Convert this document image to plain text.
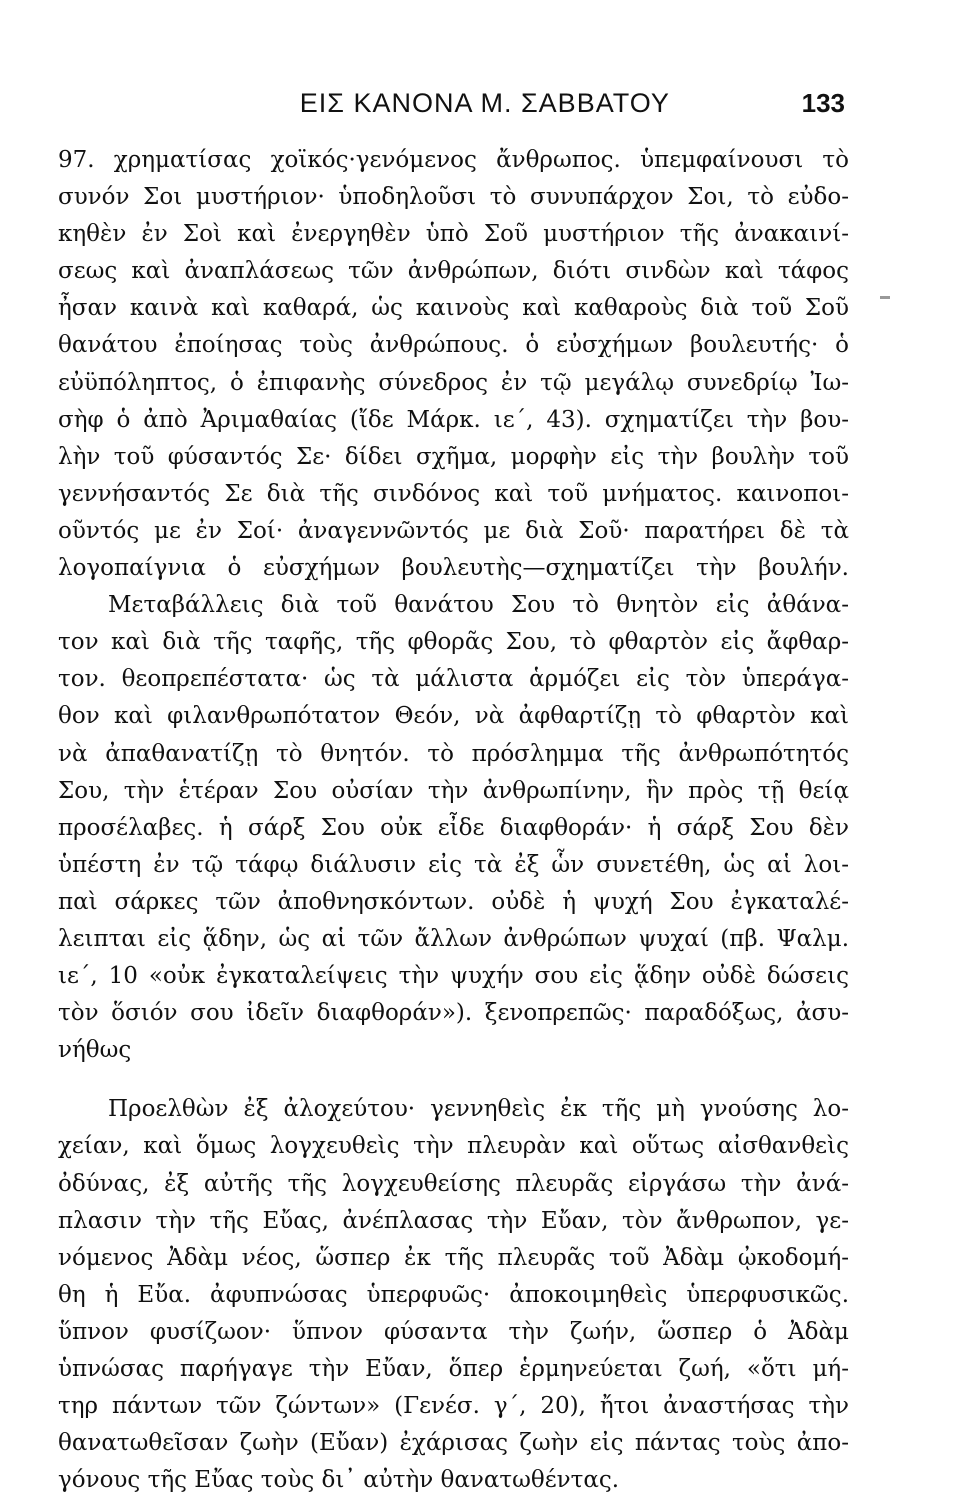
ΕΙΣ ΚΑΝΟΝΑ Μ. ΣΑΒΒΑΤΟΥ	133
97. χρηματίσας χοϊκός·γενόμενος ἄνθρωπος. ὑπεμφαίνουσι τὸ
συνόν Σοι μυστήριον· ὑποδηλοῦσι τὸ συνυπάρχον Σοι, τὸ εὐδο-
κηθὲν ἐν Σοὶ καὶ ἐνεργηθὲν ὑπὸ Σοῦ μυστήριον τῆς ἀνακαινί-
σεως καὶ ἀναπλάσεως τῶν ἀνθρώπων, διότι σινδὼν καὶ τάφος
ἦσαν καινὰ καὶ καθαρά, ὡς καινοὺς καὶ καθαροὺς διὰ τοῦ Σοῦ
θανάτου ἐποίησας τοὺς ἀνθρώπους. ὁ εὐσχήμων βουλευτής· ὁ
εὐϋπόληπτος, ὁ ἐπιφανὴς σύνεδρος ἐν τῷ μεγάλῳ συνεδρίῳ Ἰω-
σὴφ ὁ ἀπὸ Ἀριμαθαίας (ἴδε Μάρκ. ιε΄, 43). σχηματίζει τὴν βου-
λὴν τοῦ φύσαντός Σε· δίδει σχῆμα, μορφὴν εἰς τὴν βουλὴν τοῦ
γεννήσαντός Σε διὰ τῆς σινδόνος καὶ τοῦ μνήματος. καινοποι-
οῦντός με ἐν Σοί· ἀναγεννῶντός με διὰ Σοῦ· παρατήρει δὲ τὰ
λογοπαίγνια ὁ εὐσχήμων βουλευτὴς—σχηματίζει τὴν βουλήν.
Μεταβάλλεις διὰ τοῦ θανάτου Σου τὸ θνητὸν εἰς ἀθάνα-
τον καὶ διὰ τῆς ταφῆς, τῆς φθορᾶς Σου, τὸ φθαρτὸν εἰς ἄφθαρ-
τον. θεοπρεπέστατα· ὡς τὰ μάλιστα ἁρμόζει εἰς τὸν ὑπεράγα-
θον καὶ φιλανθρωπότατον Θεόν, νὰ ἀφθαρτίζῃ τὸ φθαρτὸν καὶ
νὰ ἀπαθανατίζῃ τὸ θνητόν. τὸ πρόσλημμα τῆς ἀνθρωπότητός
Σου, τὴν ἑτέραν Σου οὐσίαν τὴν ἀνθρωπίνην, ἣν πρὸς τῇ θείᾳ
προσέλαβες. ἡ σάρξ Σου οὐκ εἶδε διαφθοράν· ἡ σάρξ Σου δὲν
ὑπέστη ἐν τῷ τάφῳ διάλυσιν εἰς τὰ ἐξ ὧν συνετέθη, ὡς αἱ λοι-
παὶ σάρκες τῶν ἀποθνησκόντων. οὐδὲ ἡ ψυχή Σου ἐγκαταλέ-
λειπται εἰς ᾅδην, ὡς αἱ τῶν ἄλλων ἀνθρώπων ψυχαί (πβ. Ψαλμ.
ιε΄, 10 «οὐκ ἐγκαταλείψεις τὴν ψυχήν σου εἰς ᾅδην οὐδὲ δώσεις
τὸν ὅσιόν σου ἰδεῖν διαφθοράν»). ξενοπρεπῶς· παραδόξως, ἀσυ-
νήθως
Προελθὼν ἐξ ἀλοχεύτου· γεννηθεὶς ἐκ τῆς μὴ γνούσης λο-
χείαν, καὶ ὅμως λογχευθεὶς τὴν πλευρὰν καὶ οὕτως αἰσθανθεὶς
ὀδύνας, ἐξ αὐτῆς τῆς λογχευθείσης πλευρᾶς εἰργάσω τὴν ἀνά-
πλασιν τὴν τῆς Εὔας, ἀνέπλασας τὴν Εὔαν, τὸν ἄνθρωπον, γε-
νόμενος Ἀδὰμ νέος, ὥσπερ ἐκ τῆς πλευρᾶς τοῦ Ἀδὰμ ᾠκοδομή-
θη ἡ Εὔα. ἀφυπνώσας ὑπερφυῶς· ἀποκοιμηθεὶς ὑπερφυσικῶς.
ὕπνον φυσίζωον· ὕπνον φύσαντα τὴν ζωήν, ὥσπερ ὁ Ἀδὰμ
ὑπνώσας παρήγαγε τὴν Εὔαν, ὅπερ ἑρμηνεύεται ζωή, «ὅτι μή-
τηρ πάντων τῶν ζώντων» (Γενέσ. γ΄, 20), ἤτοι ἀναστήσας τὴν
θανατωθεῖσαν ζωὴν (Εὔαν) ἐχάρισας ζωὴν εἰς πάντας τοὺς ἀπο-
γόνους τῆς Εὔας τοὺς δι᾽ αὐτὴν θανατωθέντας.
